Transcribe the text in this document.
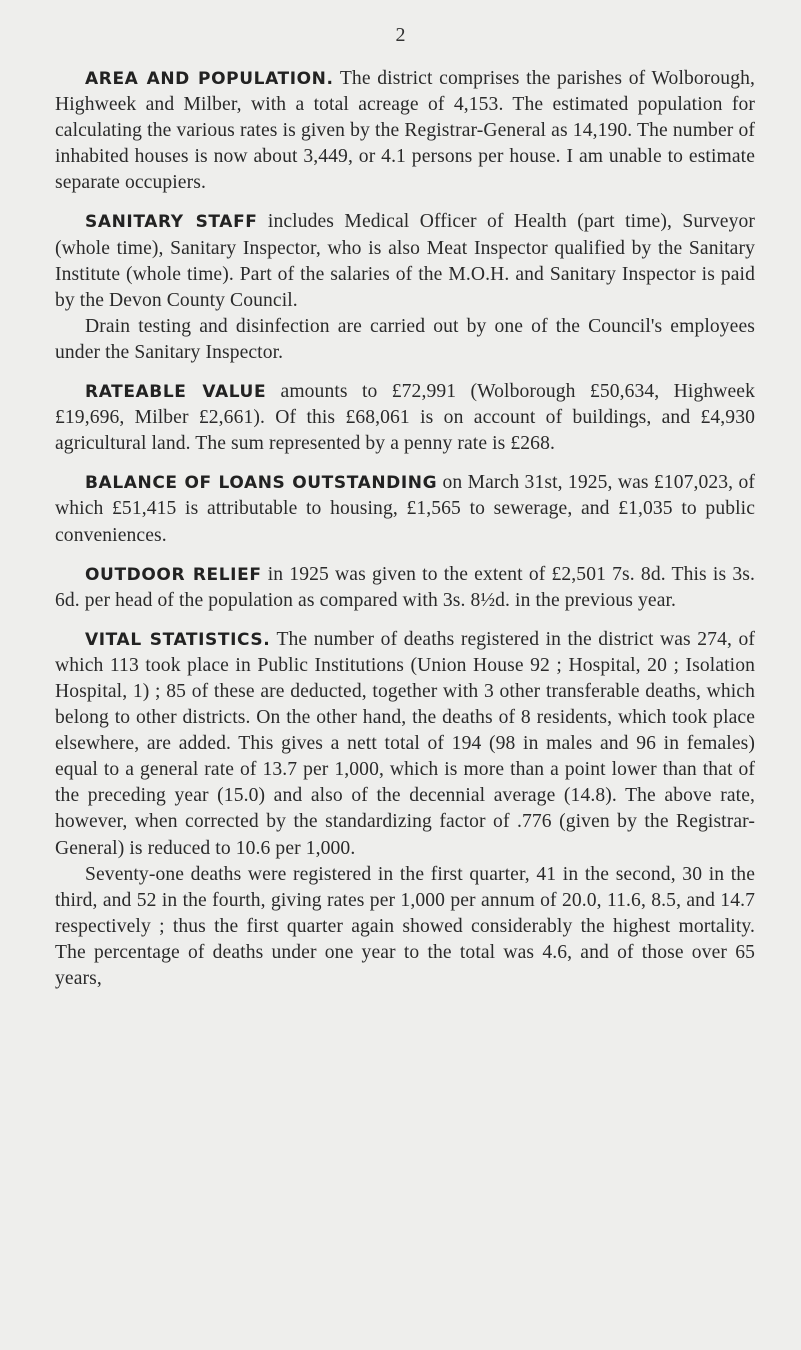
2

AREA AND POPULATION. The district comprises the parishes of Wolborough, Highweek and Milber, with a total acreage of 4,153. The estimated population for calculating the various rates is given by the Registrar-General as 14,190. The number of inhabited houses is now about 3,449, or 4.1 persons per house. I am unable to estimate separate occupiers.

SANITARY STAFF includes Medical Officer of Health (part time), Surveyor (whole time), Sanitary Inspector, who is also Meat Inspector qualified by the Sanitary Institute (whole time). Part of the salaries of the M.O.H. and Sanitary Inspector is paid by the Devon County Council.

Drain testing and disinfection are carried out by one of the Council's employees under the Sanitary Inspector.

RATEABLE VALUE amounts to £72,991 (Wolborough £50,634, Highweek £19,696, Milber £2,661). Of this £68,061 is on account of buildings, and £4,930 agricultural land. The sum represented by a penny rate is £268.

BALANCE OF LOANS OUTSTANDING on March 31st, 1925, was £107,023, of which £51,415 is attributable to housing, £1,565 to sewerage, and £1,035 to public conveniences.

OUTDOOR RELIEF in 1925 was given to the extent of £2,501 7s. 8d. This is 3s. 6d. per head of the population as compared with 3s. 8½d. in the previous year.

VITAL STATISTICS. The number of deaths registered in the district was 274, of which 113 took place in Public Institutions (Union House 92 ; Hospital, 20 ; Isolation Hospital, 1) ; 85 of these are deducted, together with 3 other transferable deaths, which belong to other districts. On the other hand, the deaths of 8 residents, which took place elsewhere, are added. This gives a nett total of 194 (98 in males and 96 in females) equal to a general rate of 13.7 per 1,000, which is more than a point lower than that of the preceding year (15.0) and also of the decennial average (14.8). The above rate, however, when corrected by the standardizing factor of .776 (given by the Registrar-General) is reduced to 10.6 per 1,000.

Seventy-one deaths were registered in the first quarter, 41 in the second, 30 in the third, and 52 in the fourth, giving rates per 1,000 per annum of 20.0, 11.6, 8.5, and 14.7 respectively ; thus the first quarter again showed considerably the highest mortality. The percentage of deaths under one year to the total was 4.6, and of those over 65 years,
